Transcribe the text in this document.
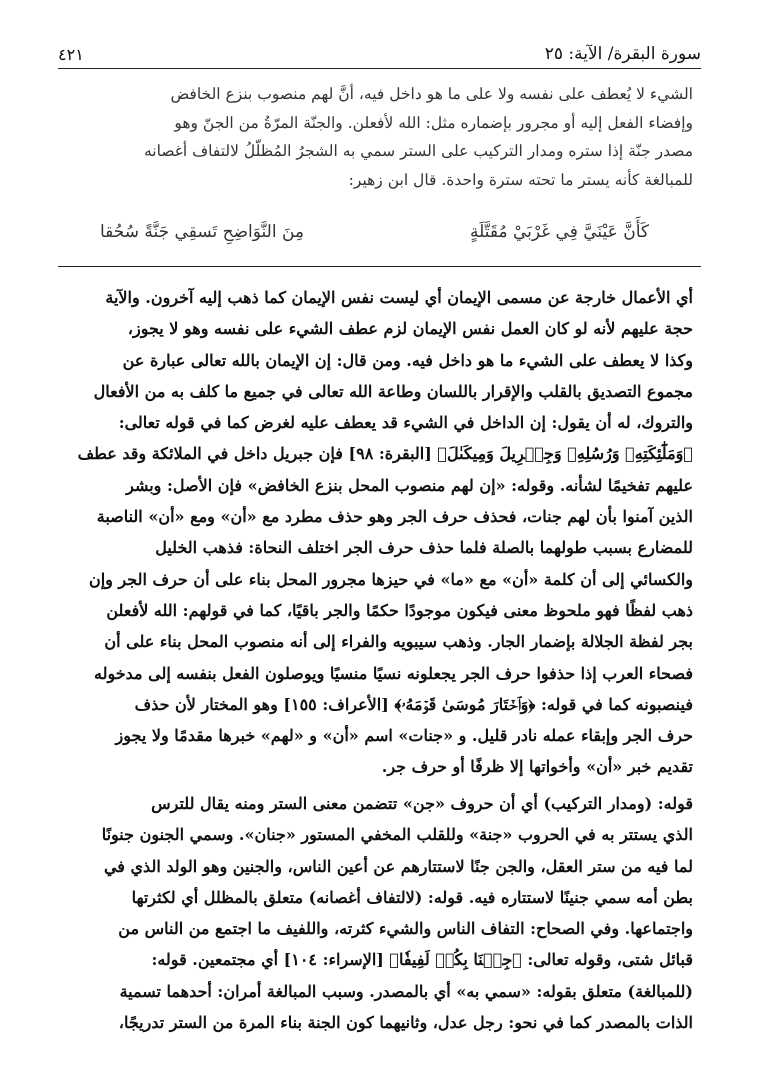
٤٢١	سورة البقرة/ الآية: ٢٥
الشيء لا يُعطف على نفسه ولا على ما هو داخل فيه، أنَّ لهم منصوب بنزع الخافض
وإفضاء الفعل إليه أو مجرور بإضماره مثل: الله لأفعلن. والجنّة المرّةُ من الجنّ وهو
مصدر جنّة إذا ستره ومدار التركيب على الستر سمي به الشجرُ المُظلّلُ لالتفاف أغصانه
للمبالغة كأنه يستر ما تحته سترة واحدة. قال ابن زهير:
كَأَنَّ عَيْنَيَّ فِي غَرْبَيْ مُقَتَّلَةٍ
مِنَ النَّوَاضِحِ تَسقِي جَنَّةً سُحُقا
أي الأعمال خارجة عن مسمى الإيمان أي ليست نفس الإيمان كما ذهب إليه آخرون. والآية
حجة عليهم لأنه لو كان العمل نفس الإيمان لزم عطف الشيء على نفسه وهو لا يجوز،
وكذا لا يعطف على الشيء ما هو داخل فيه. ومن قال: إن الإيمان بالله تعالى عبارة عن
مجموع التصديق بالقلب والإقرار باللسان وطاعة الله تعالى في جميع ما كلف به من الأفعال
والتروك، له أن يقول: إن الداخل في الشيء قد يعطف عليه لغرض كما في قوله تعالى:
﴿وَمَلَٰٓئِكَتِهِۦ وَرُسُلِهِۦ وَجِبۡرِيلَ وَمِيكَىٰلَ﴾ [البقرة: ٩٨] فإن جبريل داخل في الملائكة وقد عطف
عليهم تفخيمًا لشأنه. وقوله: «إن لهم منصوب المحل بنزع الخافض» فإن الأصل: وبشر
الذين آمنوا بأن لهم جنات، فحذف حرف الجر وهو حذف مطرد مع «أن» ومع «أن» الناصبة
للمضارع بسبب طولهما بالصلة فلما حذف حرف الجر اختلف النحاة: فذهب الخليل
والكسائي إلى أن كلمة «أن» مع «ما» في حيزها مجرور المحل بناء على أن حرف الجر وإن
ذهب لفظًا فهو ملحوظ معنى فيكون موجودًا حكمًا والجر باقيًا، كما في قولهم: الله لأفعلن
بجر لفظة الجلالة بإضمار الجار. وذهب سيبويه والفراء إلى أنه منصوب المحل بناء على أن
فصحاء العرب إذا حذفوا حرف الجر يجعلونه نسيًا منسيًا ويوصلون الفعل بنفسه إلى مدخوله
فينصبونه كما في قوله: ﴿وَٱخۡتَارَ مُوسَىٰ قَوۡمَهُۥ﴾ [الأعراف: ١٥٥] وهو المختار لأن حذف
حرف الجر وإبقاء عمله نادر قليل. و «جنات» اسم «أن» و «لهم» خبرها مقدمًا ولا يجوز
تقديم خبر «أن» وأخواتها إلا ظرفًا أو حرف جر.
قوله: (ومدار التركيب) أي أن حروف «جن» تتضمن معنى الستر ومنه يقال للترس
الذي يستتر به في الحروب «جنة» وللقلب المخفي المستور «جنان». وسمي الجنون جنونًا
لما فيه من ستر العقل، والجن جنًا لاستتارهم عن أعين الناس، والجنين وهو الولد الذي في
بطن أمه سمي جنينًا لاستتاره فيه. قوله: (لالتفاف أغصانه) متعلق بالمظلل أي لكثرتها
واجتماعها. وفي الصحاح: التفاف الناس والشيء كثرته، واللفيف ما اجتمع من الناس من
قبائل شتى، وقوله تعالى: ﴿جِئۡنَا بِكُمۡ لَفِيفٗا﴾ [الإسراء: ١٠٤] أي مجتمعين. قوله:
(للمبالغة) متعلق بقوله: «سمي به» أي بالمصدر. وسبب المبالغة أمران: أحدهما تسمية
الذات بالمصدر كما في نحو: رجل عدل، وثانيهما كون الجنة بناء المرة من الستر تدريجًا،
